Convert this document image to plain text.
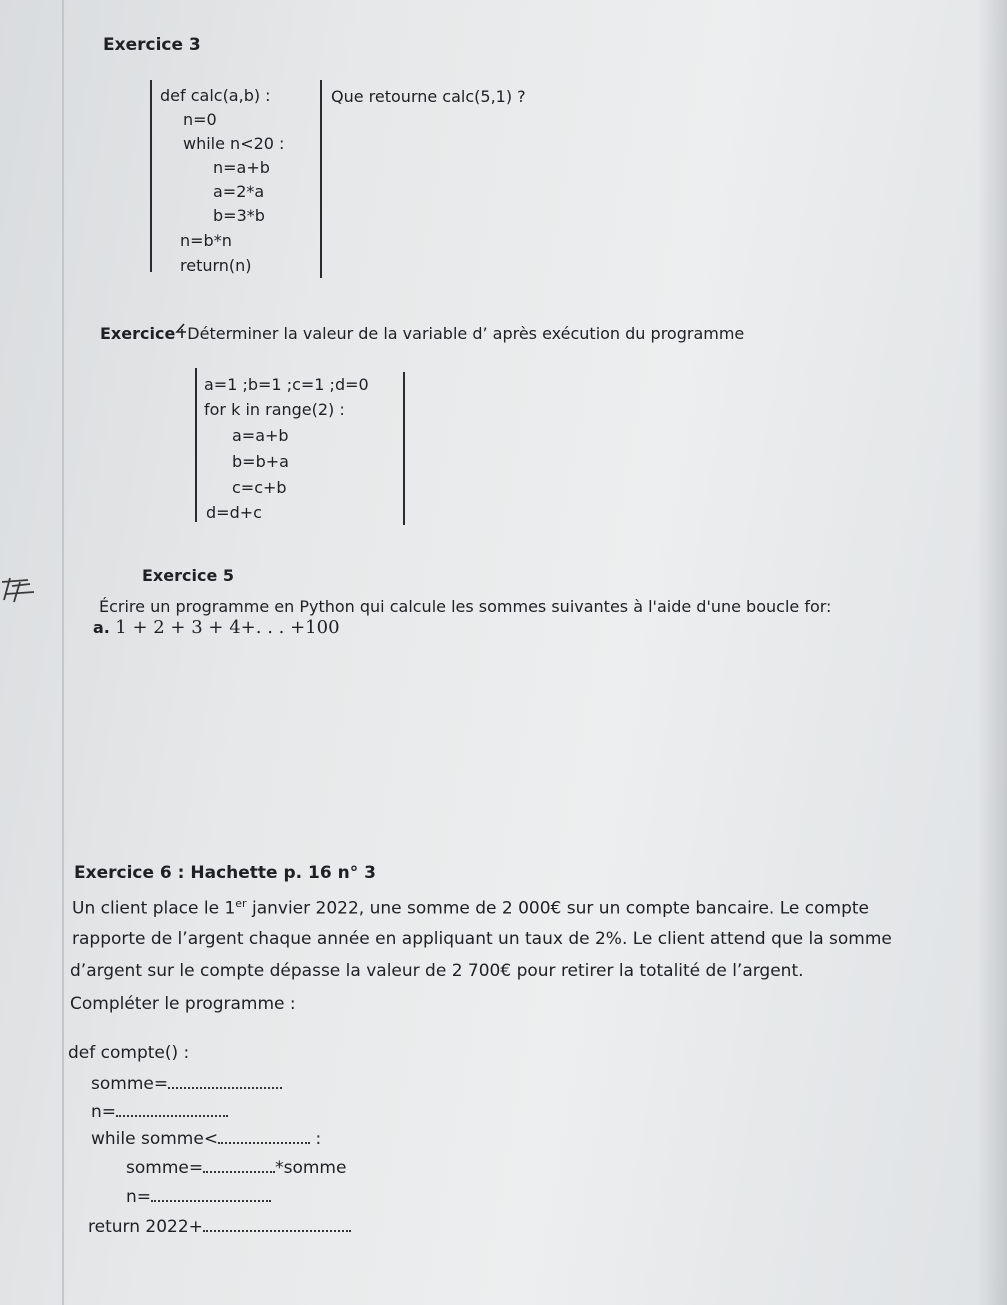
Exercice 3
def calc(a,b) :
n=0
while n<20 :
n=a+b
a=2*a
b=3*b
n=b*n
return(n)
Que retourne calc(5,1) ?
Exercice Déterminer la valeur de la variable d’ après exécution du programme
a=1 ;b=1 ;c=1 ;d=0
for k in range(2) :
a=a+b
b=b+a
c=c+b
d=d+c
Exercice 5
Écrire un programme en Python qui calcule les sommes suivantes à l'aide d'une boucle for:
a. 1 + 2 + 3 + 4+. . . +100
Exercice 6 : Hachette p. 16 n° 3
Un client place le 1er janvier 2022, une somme de 2 000€ sur un compte bancaire. Le compte
rapporte de l’argent chaque année en appliquant un taux de 2%. Le client attend que la somme
d’argent sur le compte dépasse la valeur de 2 700€ pour retirer la totalité de l’argent.
Compléter le programme :
def compte() :
somme=
n=
while somme<	:
somme=	*somme
n=
return 2022+
